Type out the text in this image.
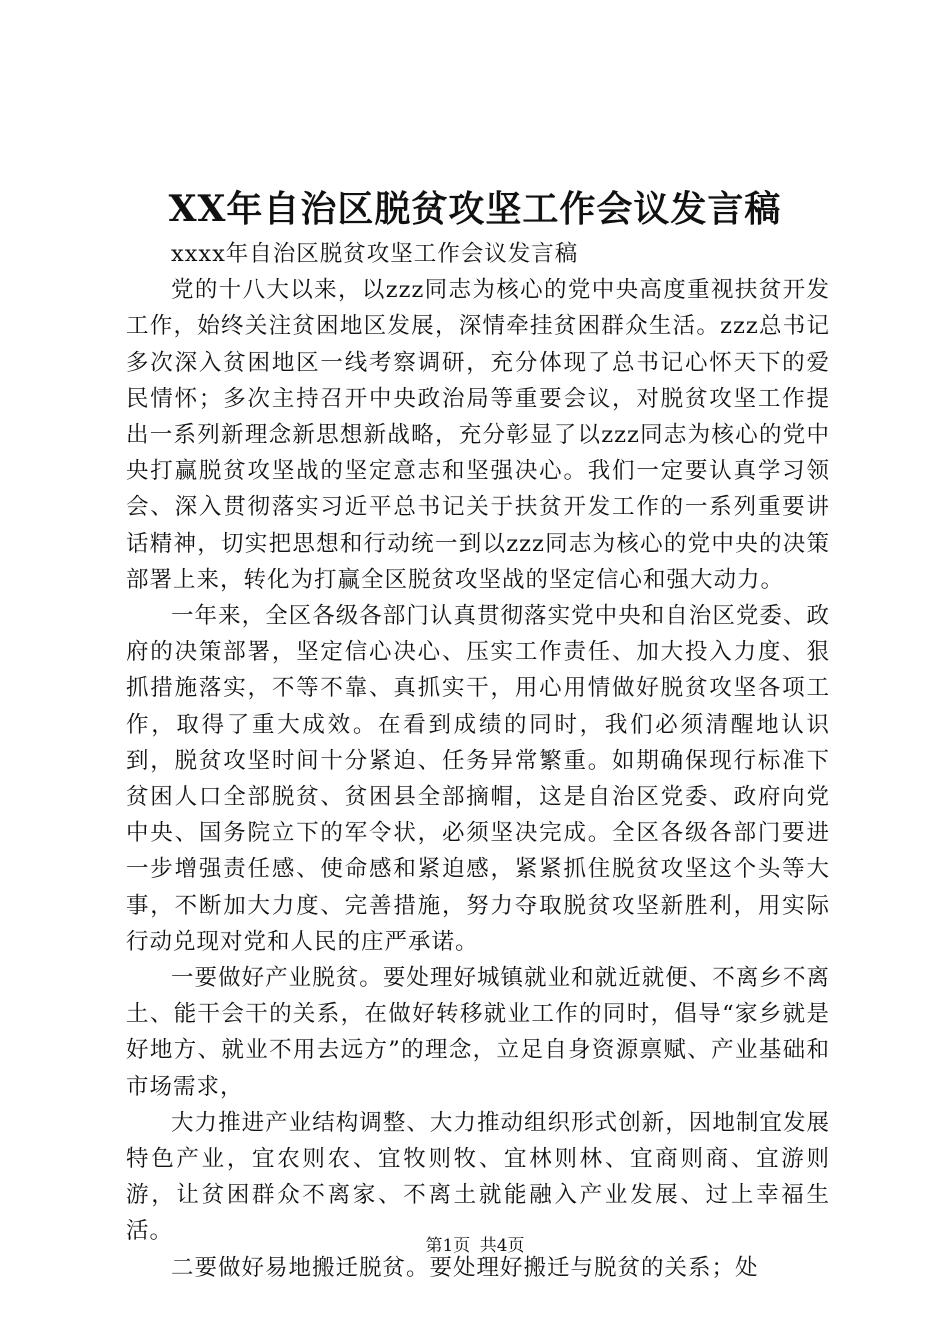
XX年自治区脱贫攻坚工作会议发言稿

xxxx年自治区脱贫攻坚工作会议发言稿

党的十八大以来，以zzz同志为核心的党中央高度重视扶贫开发工作，始终关注贫困地区发展，深情牵挂贫困群众生活。zzz总书记多次深入贫困地区一线考察调研，充分体现了总书记心怀天下的爱民情怀；多次主持召开中央政治局等重要会议，对脱贫攻坚工作提出一系列新理念新思想新战略，充分彰显了以zzz同志为核心的党中央打赢脱贫攻坚战的坚定意志和坚强决心。我们一定要认真学习领会、深入贯彻落实习近平总书记关于扶贫开发工作的一系列重要讲话精神，切实把思想和行动统一到以zzz同志为核心的党中央的决策部署上来，转化为打赢全区脱贫攻坚战的坚定信心和强大动力。

一年来，全区各级各部门认真贯彻落实党中央和自治区党委、政府的决策部署，坚定信心决心、压实工作责任、加大投入力度、狠抓措施落实，不等不靠、真抓实干，用心用情做好脱贫攻坚各项工作，取得了重大成效。在看到成绩的同时，我们必须清醒地认识到，脱贫攻坚时间十分紧迫、任务异常繁重。如期确保现行标准下贫困人口全部脱贫、贫困县全部摘帽，这是自治区党委、政府向党中央、国务院立下的军令状，必须坚决完成。全区各级各部门要进一步增强责任感、使命感和紧迫感，紧紧抓住脱贫攻坚这个头等大事，不断加大力度、完善措施，努力夺取脱贫攻坚新胜利，用实际行动兑现对党和人民的庄严承诺。

一要做好产业脱贫。要处理好城镇就业和就近就便、不离乡不离土、能干会干的关系，在做好转移就业工作的同时，倡导“家乡就是好地方、就业不用去远方”的理念，立足自身资源禀赋、产业基础和市场需求，

大力推进产业结构调整、大力推动组织形式创新，因地制宜发展特色产业，宜农则农、宜牧则牧、宜林则林、宜商则商、宜游则游，让贫困群众不离家、不离土就能融入产业发展、过上幸福生活。

二要做好易地搬迁脱贫。要处理好搬迁与脱贫的关系；处

第1页 共4页
